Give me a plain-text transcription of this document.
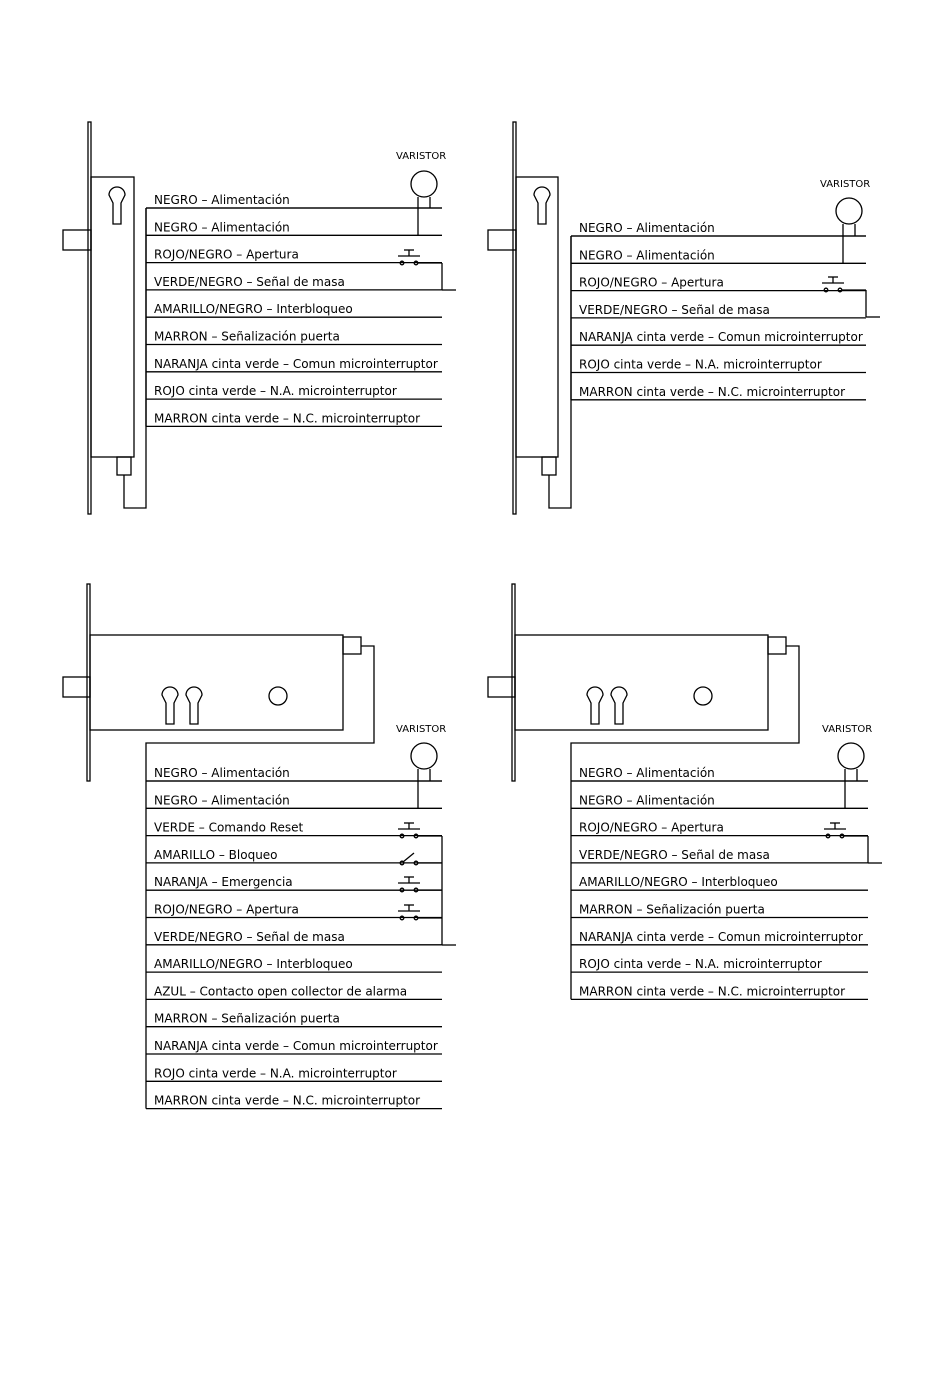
VARISTOR
VARISTOR
VARISTOR	VARISTOR
NEGRO – Alimentación
NEGRO – Alimentación
ROJO/NEGRO – Apertura
VERDE/NEGRO – Señal de masa
AMARILLO/NEGRO – Interbloqueo
MARRON – Señalización puerta
NARANJA cinta verde – Comun microinterruptor
ROJO cinta verde – N.A. microinterruptor
MARRON cinta verde – N.C. microinterruptor
NEGRO – Alimentación
NEGRO – Alimentación
ROJO/NEGRO – Apertura
VERDE/NEGRO – Señal de masa
NARANJA cinta verde – Comun microinterruptor
ROJO cinta verde – N.A. microinterruptor
MARRON cinta verde – N.C. microinterruptor
NEGRO – Alimentación
NEGRO – Alimentación
VERDE – Comando Reset
AMARILLO – Bloqueo
NARANJA – Emergencia
ROJO/NEGRO – Apertura
VERDE/NEGRO – Señal de masa
AMARILLO/NEGRO – Interbloqueo
AZUL – Contacto open collector de alarma
MARRON – Señalización puerta
NARANJA cinta verde – Comun microinterruptor
ROJO cinta verde – N.A. microinterruptor
MARRON cinta verde – N.C. microinterruptor
NEGRO – Alimentación
NEGRO – Alimentación
ROJO/NEGRO – Apertura
VERDE/NEGRO – Señal de masa
AMARILLO/NEGRO – Interbloqueo
MARRON – Señalización puerta
NARANJA cinta verde – Comun microinterruptor
ROJO cinta verde – N.A. microinterruptor
MARRON cinta verde – N.C. microinterruptor
